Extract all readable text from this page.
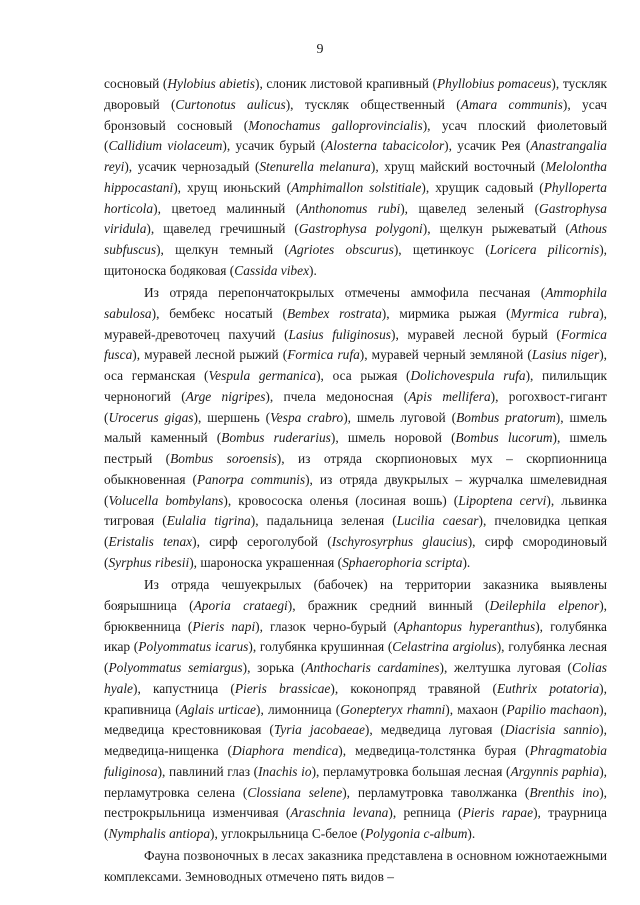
9

сосновый (Hylobius abietis), слоник листовой крапивный (Phyllobius pomaceus), тускляк дворовый (Curtonotus aulicus), тускляк общественный (Amara communis), усач бронзовый сосновый (Monochamus galloprovincialis), усач плоский фиолетовый (Callidium violaceum), усачик бурый (Alosterna tabacicolor), усачик Рея (Anastrangalia reyi), усачик чернозадый (Stenurella melanura), хрущ майский восточный (Melolontha hippocastani), хрущ июньский (Amphimallon solstitiale), хрущик садовый (Phylloperta horticola), цветоед малинный (Anthonomus rubi), щавелед зеленый (Gastrophysa viridula), щавелед гречишный (Gastrophysa polygoni), щелкун рыжеватый (Athous subfuscus), щелкун темный (Agriotes obscurus), щетинкоус (Loricera pilicornis), щитоноска бодяковая (Cassida vibex).

Из отряда перепончатокрылых отмечены аммофила песчаная (Ammophila sabulosa), бембекс носатый (Bembex rostrata), мирмика рыжая (Myrmica rubra), муравей-древоточец пахучий (Lasius fuliginosus), муравей лесной бурый (Formica fusca), муравей лесной рыжий (Formica rufa), муравей черный земляной (Lasius niger), оса германская (Vespula germanica), оса рыжая (Dolichovespula rufa), пилильщик черноногий (Arge nigripes), пчела медоносная (Apis mellifera), рогохвост-гигант (Urocerus gigas), шершень (Vespa crabro), шмель луговой (Bombus pratorum), шмель малый каменный (Bombus ruderarius), шмель норовой (Bombus lucorum), шмель пестрый (Bombus soroensis), из отряда скорпионовых мух – скорпионница обыкновенная (Panorpa communis), из отряда двукрылых – журчалка шмелевидная (Volucella bombylans), кровососка оленья (лосиная вошь) (Lipoptena cervi), львинка тигровая (Eulalia tigrina), падальница зеленая (Lucilia caesar), пчеловидка цепкая (Eristalis tenax), сирф сероголубой (Ischyrosyrphus glaucius), сирф смородиновый (Syrphus ribesii), шароноска украшенная (Sphaerophoria scripta).

Из отряда чешуекрылых (бабочек) на территории заказника выявлены боярышница (Aporia crataegi), бражник средний винный (Deilephila elpenor), брюквенница (Pieris napi), глазок черно-бурый (Aphantopus hyperanthus), голубянка икар (Polyommatus icarus), голубянка крушинная (Celastrina argiolus), голубянка лесная (Polyommatus semiargus), зорька (Anthocharis cardamines), желтушка луговая (Colias hyale), капустница (Pieris brassicae), коконопряд травяной (Euthrix potatoria), крапивница (Aglais urticae), лимонница (Gonepteryx rhamni), махаон (Papilio machaon), медведица крестовниковая (Tyria jacobaeae), медведица луговая (Diacrisia sannio), медведица-нищенка (Diaphora mendica), медведица-толстянка бурая (Phragmatobia fuliginosa), павлиний глаз (Inachis io), перламутровка большая лесная (Argynnis paphia), перламутровка селена (Clossiana selene), перламутровка таволжанка (Brenthis ino), пестрокрыльница изменчивая (Araschnia levana), репница (Pieris rapae), траурница (Nymphalis antiopa), углокрыльница С-белое (Polygonia c-album).

Фауна позвоночных в лесах заказника представлена в основном южнотаежными комплексами. Земноводных отмечено пять видов –
